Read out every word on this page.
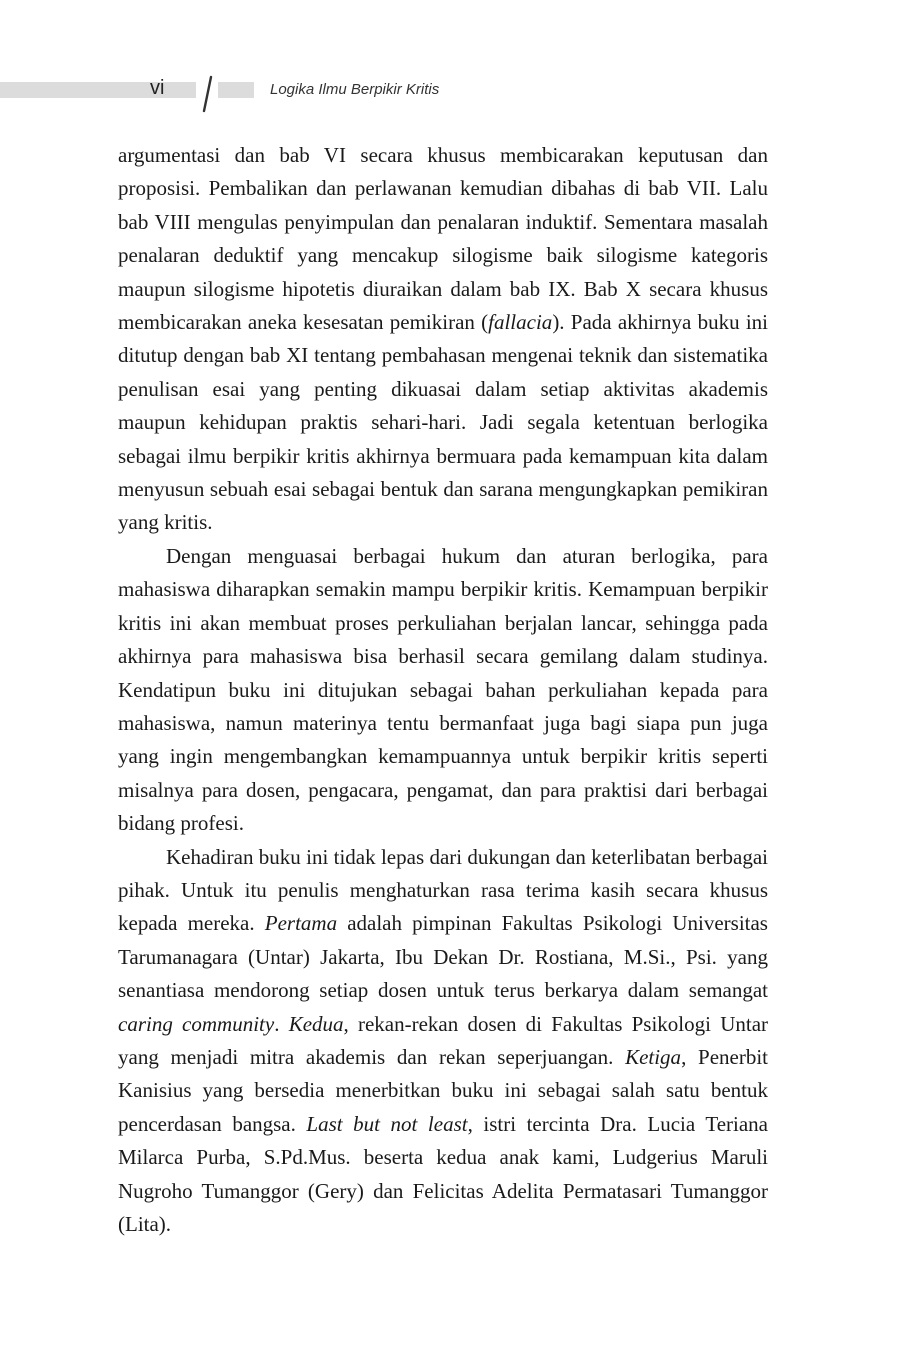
vi	Logika Ilmu Berpikir Kritis

argumentasi dan bab VI secara khusus membicarakan keputusan dan proposisi. Pembalikan dan perlawanan kemudian dibahas di bab VII. Lalu bab VIII mengulas penyimpulan dan penalaran induktif. Sementara masalah penalaran deduktif yang mencakup silogisme baik silogisme kategoris maupun silogisme hipotetis diuraikan dalam bab IX. Bab X secara khusus membicarakan aneka kesesatan pemikiran (fallacia). Pada akhirnya buku ini ditutup dengan bab XI tentang pembahasan mengenai teknik dan sistematika penulisan esai yang penting dikuasai dalam setiap aktivitas akademis maupun kehidupan praktis sehari-hari. Jadi segala ketentuan berlogika sebagai ilmu berpikir kritis akhirnya bermuara pada kemampuan kita dalam menyusun sebuah esai sebagai bentuk dan sarana mengungkapkan pemikiran yang kritis.

Dengan menguasai berbagai hukum dan aturan berlogika, para mahasiswa diharapkan semakin mampu berpikir kritis. Kemampuan berpikir kritis ini akan membuat proses perkuliahan berjalan lancar, sehingga pada akhirnya para mahasiswa bisa berhasil secara gemilang dalam studinya. Kendatipun buku ini ditujukan sebagai bahan perkuliahan kepada para mahasiswa, namun materinya tentu bermanfaat juga bagi siapa pun juga yang ingin mengembangkan kemampuannya untuk berpikir kritis seperti misalnya para dosen, pengacara, pengamat, dan para praktisi dari berbagai bidang profesi.

Kehadiran buku ini tidak lepas dari dukungan dan keterlibatan berbagai pihak. Untuk itu penulis menghaturkan rasa terima kasih secara khusus kepada mereka. Pertama adalah pimpinan Fakultas Psikologi Universitas Tarumanagara (Untar) Jakarta, Ibu Dekan Dr. Rostiana, M.Si., Psi. yang senantiasa mendorong setiap dosen untuk terus berkarya dalam semangat caring community. Kedua, rekan-rekan dosen di Fakultas Psikologi Untar yang menjadi mitra akademis dan rekan seperjuangan. Ketiga, Penerbit Kanisius yang bersedia menerbitkan buku ini sebagai salah satu bentuk pencerdasan bangsa. Last but not least, istri tercinta Dra. Lucia Teriana Milarca Purba, S.Pd.Mus. beserta kedua anak kami, Ludgerius Maruli Nugroho Tumanggor (Gery) dan Felicitas Adelita Permatasari Tumanggor (Lita).
